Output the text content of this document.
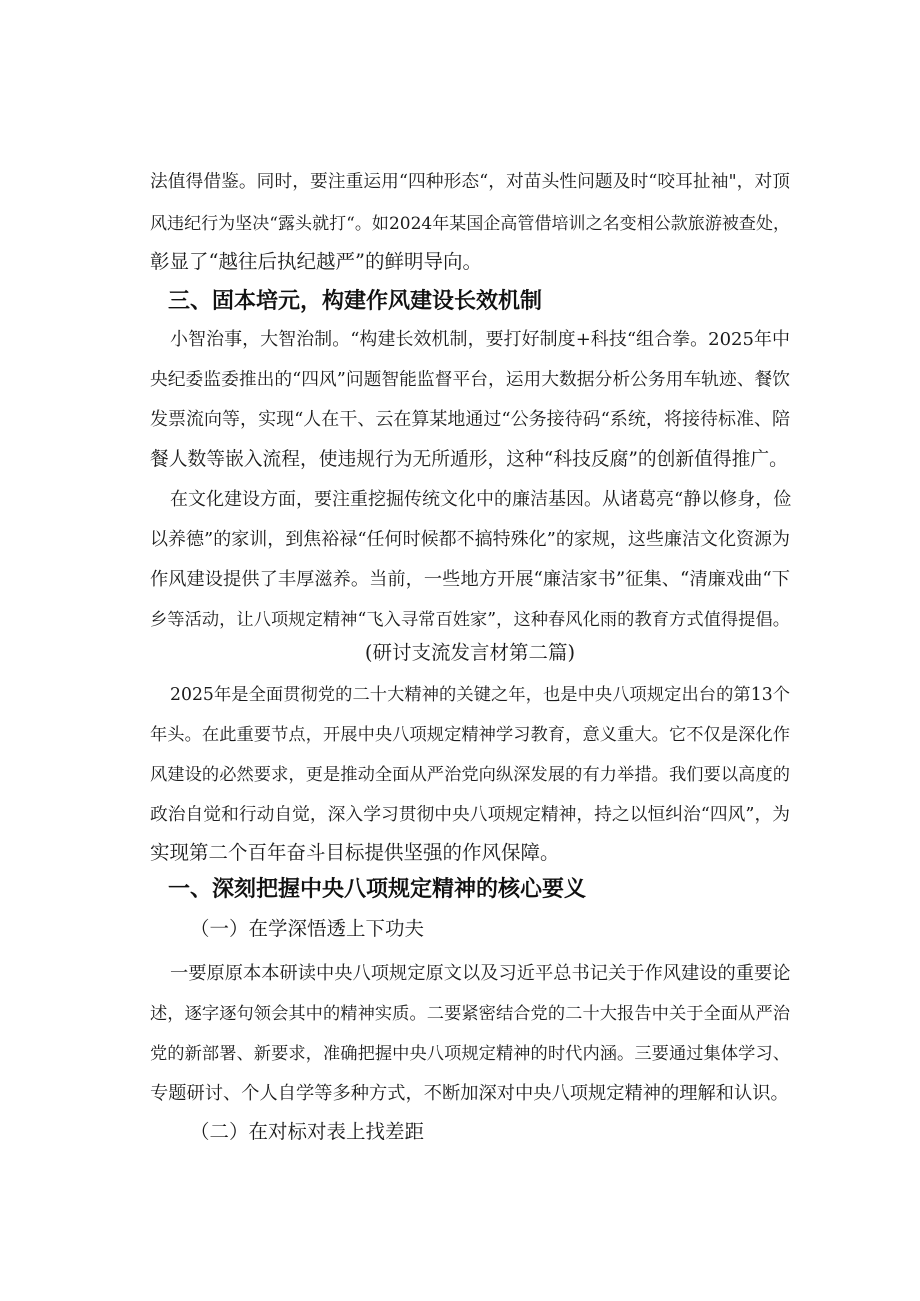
法值得借鉴。同时，要注重运用“四种形态“，对苗头性问题及时“咬耳扯袖"，对顶
风违纪行为坚决“露头就打“。如2024年某国企高管借培训之名变相公款旅游被查处，
彰显了“越往后执纪越严”的鲜明导向。
三、固本培元，构建作风建设长效机制
小智治事，大智治制。“构建长效机制，要打好制度+科技“组合拳。2025年中
央纪委监委推出的“四风”问题智能监督平台，运用大数据分析公务用车轨迹、餐饮
发票流向等，实现“人在干、云在算某地通过“公务接待码“系统，将接待标准、陪
餐人数等嵌入流程，使违规行为无所遁形，这种“科技反腐”的创新值得推广。
在文化建设方面，要注重挖掘传统文化中的廉洁基因。从诸葛亮“静以修身，俭
以养德”的家训，到焦裕禄“任何时候都不搞特殊化”的家规，这些廉洁文化资源为
作风建设提供了丰厚滋养。当前，一些地方开展“廉洁家书”征集、“清廉戏曲“下
乡等活动，让八项规定精神“飞入寻常百姓家”，这种春风化雨的教育方式值得提倡。
(研讨支流发言材第二篇)
2025年是全面贯彻党的二十大精神的关键之年，也是中央八项规定出台的第13个
年头。在此重要节点，开展中央八项规定精神学习教育，意义重大。它不仅是深化作
风建设的必然要求，更是推动全面从严治党向纵深发展的有力举措。我们要以高度的
政治自觉和行动自觉，深入学习贯彻中央八项规定精神，持之以恒纠治“四风”，为
实现第二个百年奋斗目标提供坚强的作风保障。
一、深刻把握中央八项规定精神的核心要义
（一）在学深悟透上下功夫
一要原原本本研读中央八项规定原文以及习近平总书记关于作风建设的重要论
述，逐字逐句领会其中的精神实质。二要紧密结合党的二十大报告中关于全面从严治
党的新部署、新要求，准确把握中央八项规定精神的时代内涵。三要通过集体学习、
专题研讨、个人自学等多种方式，不断加深对中央八项规定精神的理解和认识。
（二）在对标对表上找差距
